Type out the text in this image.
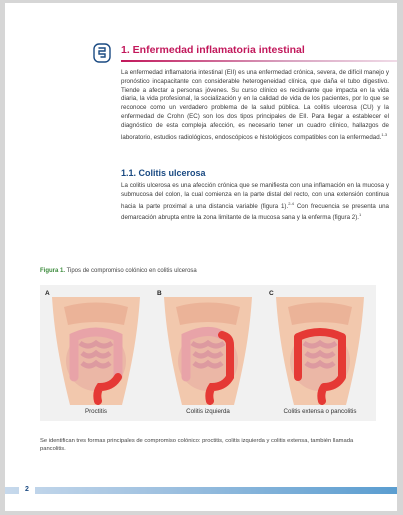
1. Enfermedad inflamatoria intestinal

La enfermedad inflamatoria intestinal (EII) es una enfermedad crónica, severa, de difícil manejo y pronóstico incapacitante con considerable heterogeneidad clínica, que daña el tubo digestivo. Tiende a afectar a personas jóvenes. Su curso clínico es recidivante que impacta en la vida diaria, la vida profesional, la socialización y en la calidad de vida de los pacientes, por lo que se reconoce como un verdadero problema de la salud pública. La colitis ulcerosa (CU) y la enfermedad de Crohn (EC) son los dos tipos principales de EII. Para llegar a establecer el diagnóstico de esta compleja afección, es necesario tener un cuadro clínico, hallazgos de laboratorio, estudios radiológicos, endoscópicos e histológicos compatibles con la enfermedad.$^{1-3}$

1.1. Colitis ulcerosa

La colitis ulcerosa es una afección crónica que se manifiesta con una inflamación en la mucosa y submucosa del colon, la cual comienza en la parte distal del recto, con una extensión continua hacia la parte proximal a una distancia variable (figura 1).$^{2-4}$ Con frecuencia se presenta una demarcación abrupta entre la zona limitante de la mucosa sana y la enferma (figura 2).$^1$

Figura 1. Tipos de compromiso colónico en colitis ulcerosa

A
Proctitis
B
Colitis izquierda
C
Colitis extensa o pancolitis

Se identifican tres formas principales de compromiso colónico: proctitis, colitis izquierda y colitis extensa, también llamada pancolitis.

2
